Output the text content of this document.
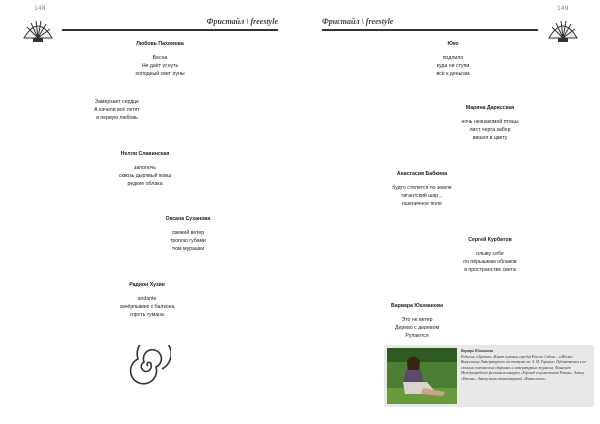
148
Фристайл \ freestyle
Любовь Пахомова
Весна
Не даёт уснуть
холодный свет луны
Замерзает сердце
А качели всё летят
в первую любовь
Нелли Славинская
заполочь
сквозь дырявый ковш
редкие облака
Оксана Суханова
свежий ветер
тропою губами
тюм мурашки
Радион Хузин
andante
зачёрпываю с балкона
горсть тумана
149
Фристайл \ freestyle
Юко
подлило
куда ни ступи
всё к деньгам
Марина Дарисская
ночь незнакомой птицы
лист черга забор
вишня в цвету
Анастасия Бабкина
будто стелется по земле
гигантский шар...
пшеничное поле
Сергей Курбатов
плыву себе
по пёрышкам облаков
в пространстве света
Варвара Юшманова
Это не ветер
Дерево с деревом
Рулаются
Варвара Юшманова
Родилась в Братске. Живет в разных городах России. Сейчас – в Москве. Выпускница Литературного ин-ститута им. А. М. Горького. Публиковалась в не-скольких поэтических сборниках и литературных журналах. Финалист Международного фестиваля конкурса «Хоровод в приволжском Рязани». Автор «Москва». Автор книги стихотворений «Жизнь около»
